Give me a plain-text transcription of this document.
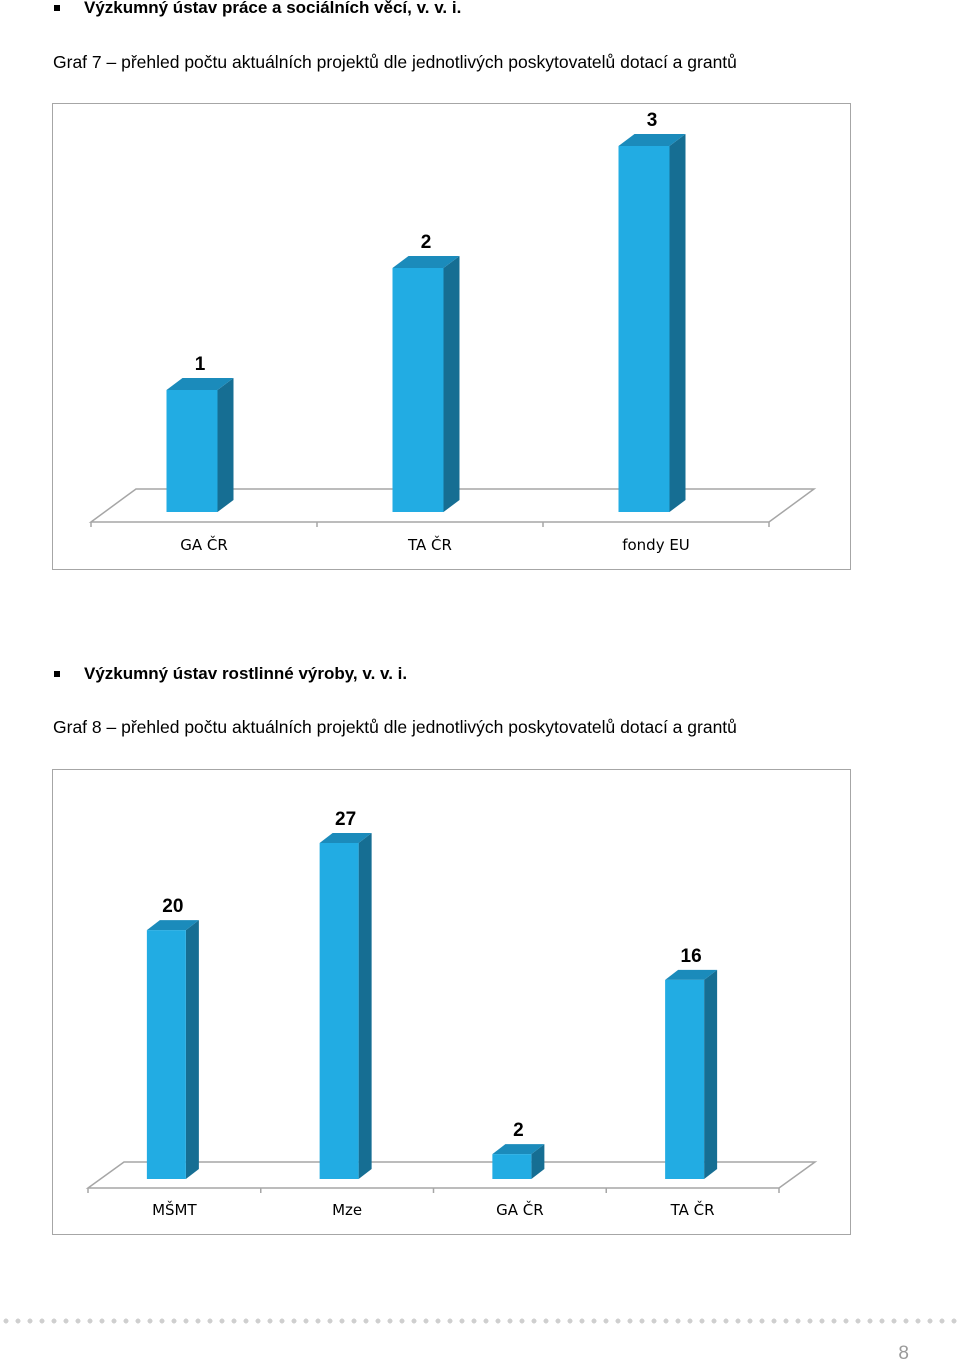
Výzkumný ústav práce a sociálních věcí, v. v. i.
Graf 7 – přehled počtu aktuálních projektů dle jednotlivých poskytovatelů dotací a grantů
1
GA ČR
2
TA ČR
3
fondy EU
Výzkumný ústav rostlinné výroby, v. v. i.
Graf 8 – přehled počtu aktuálních projektů dle jednotlivých poskytovatelů dotací a grantů
20
MŠMT
27
Mze
2
GA ČR
16
TA ČR
8
